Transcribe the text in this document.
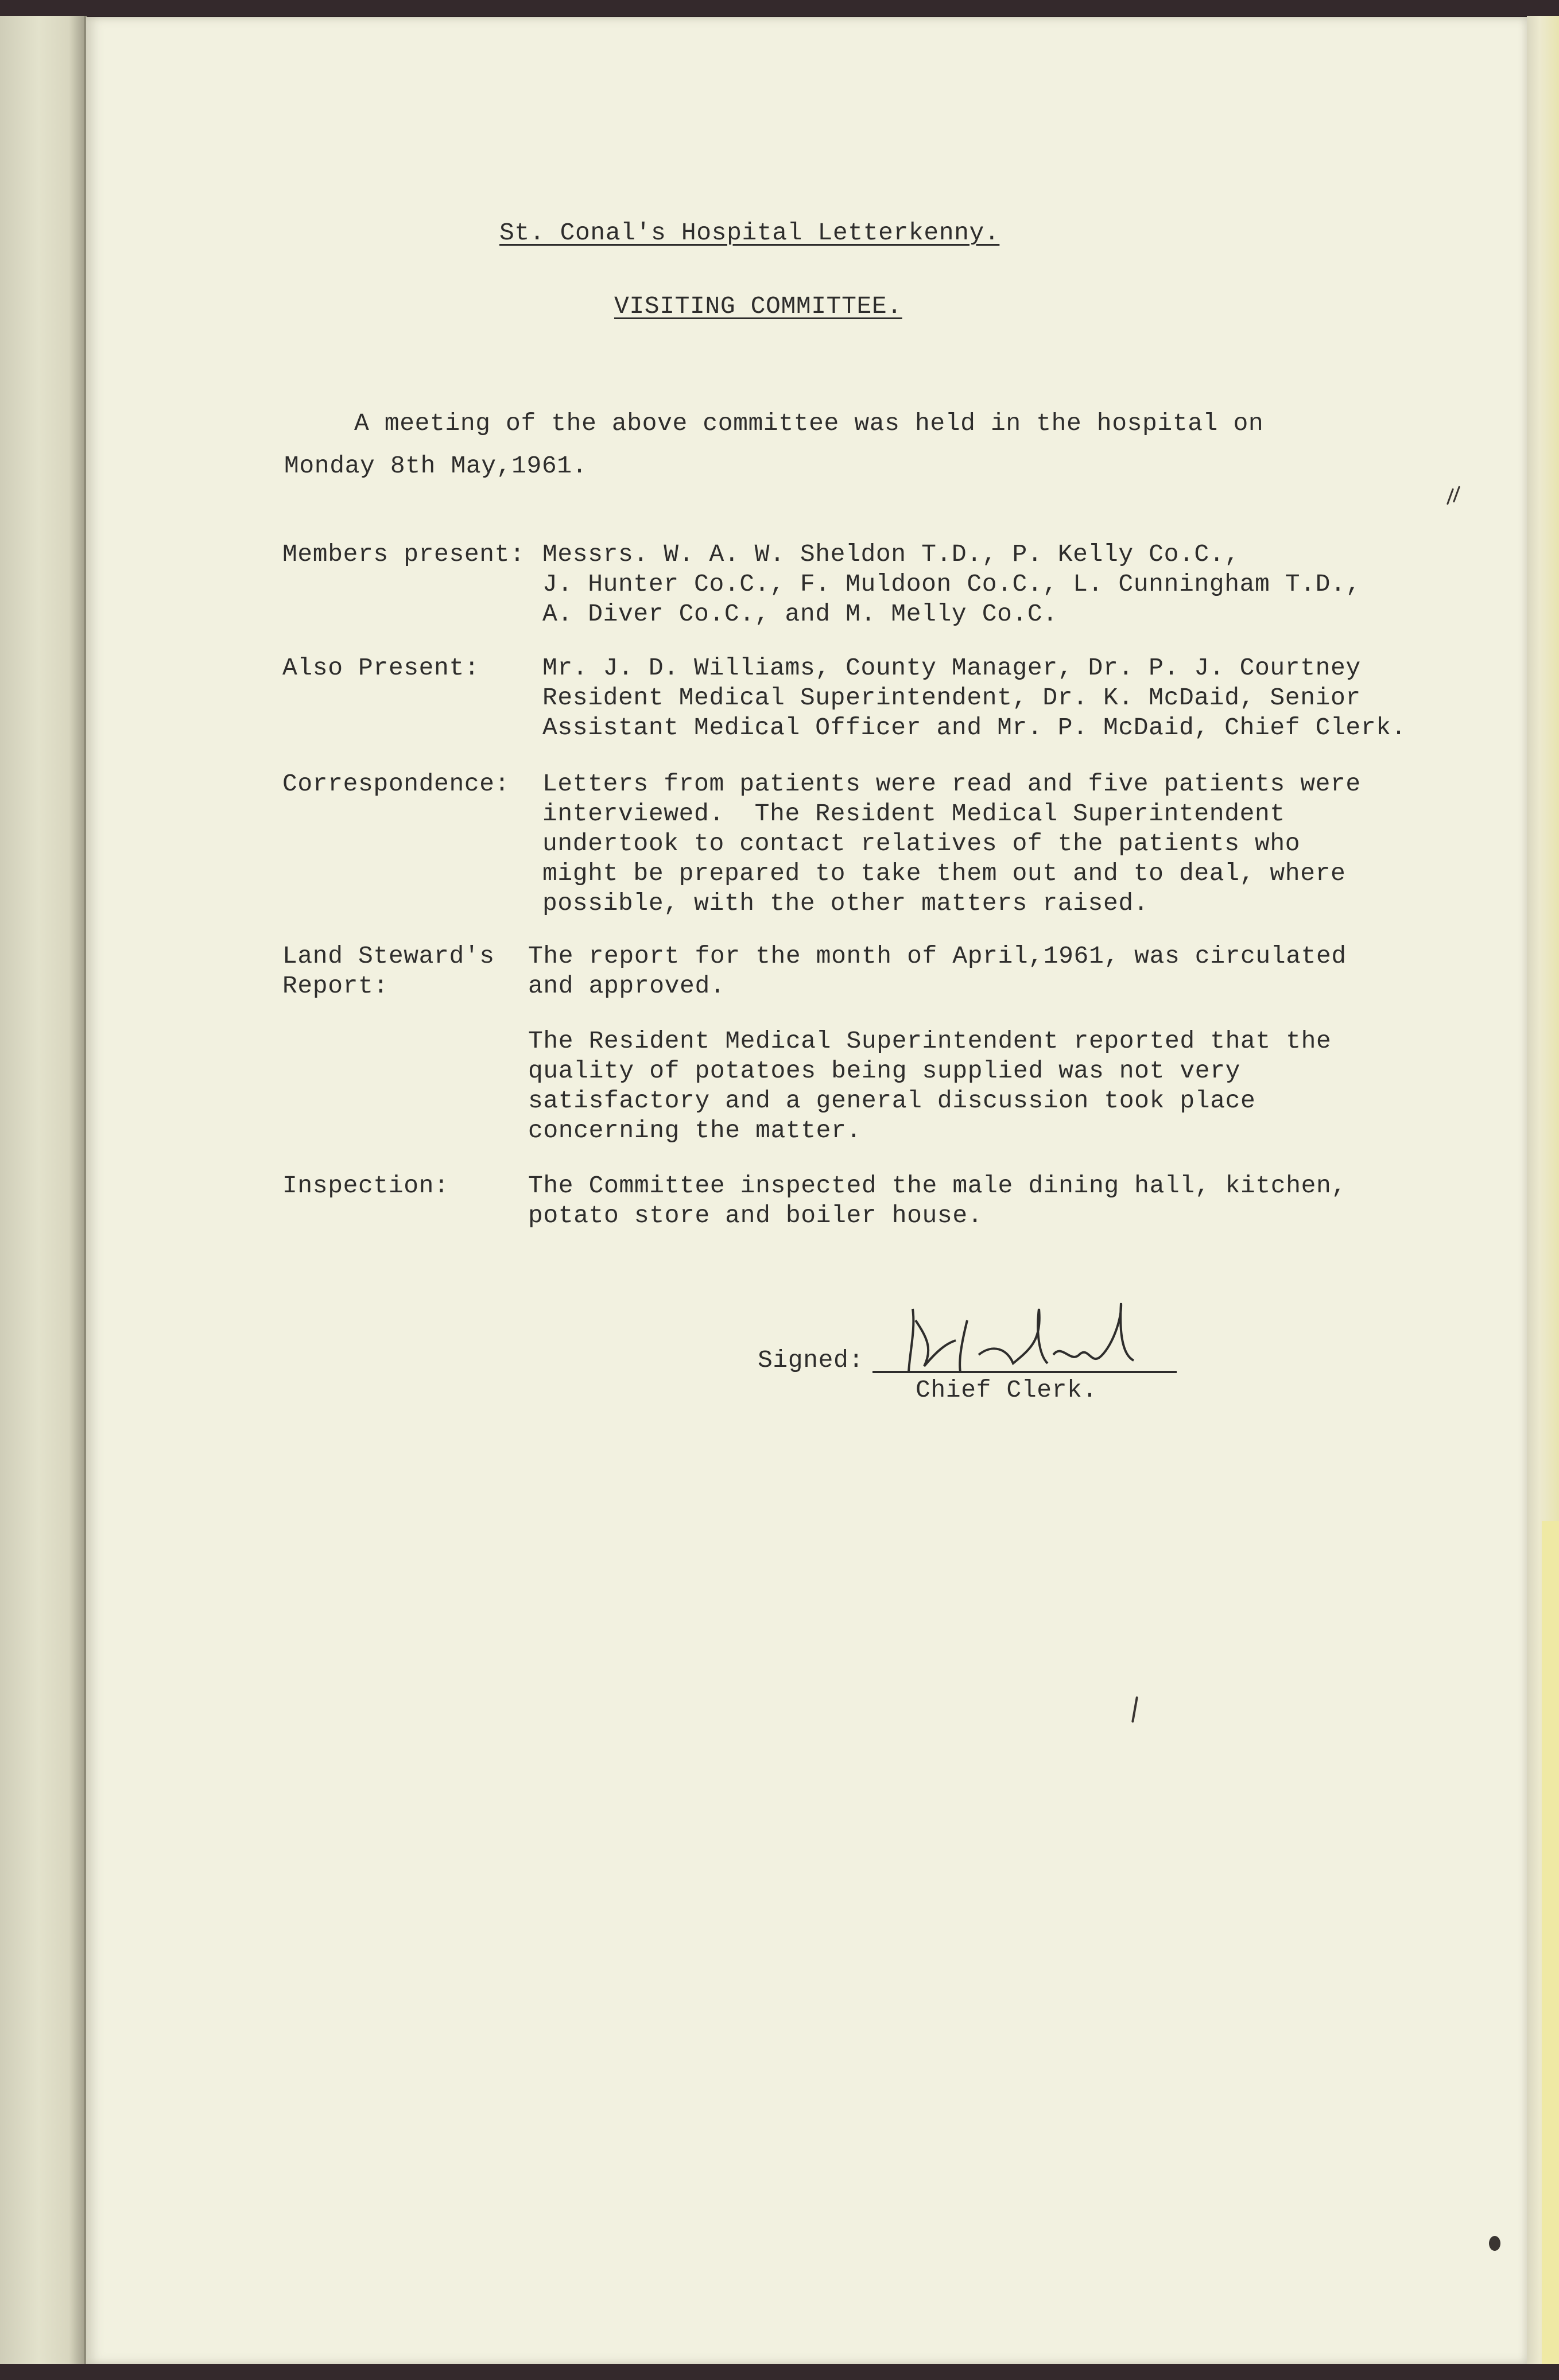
St. Conal's Hospital Letterkenny.
VISITING COMMITTEE.
A meeting of the above committee was held in the hospital on
Monday 8th May,1961.
Members present: Messrs. W. A. W. Sheldon T.D., P. Kelly Co.C.,
J. Hunter Co.C., F. Muldoon Co.C., L. Cunningham T.D.,
A. Diver Co.C., and M. Melly Co.C.
Also Present:	Mr. J. D. Williams, County Manager, Dr. P. J. Courtney
Resident Medical Superintendent, Dr. K. McDaid, Senior
Assistant Medical Officer and Mr. P. McDaid, Chief Clerk.
Correspondence: Letters from patients were read and five patients were
interviewed.  The Resident Medical Superintendent
undertook to contact relatives of the patients who
might be prepared to take them out and to deal, where
possible, with the other matters raised.
Land Steward's
Report:
The report for the month of April,1961, was circulated
and approved.
The Resident Medical Superintendent reported that the
quality of potatoes being supplied was not very
satisfactory and a general discussion took place
concerning the matter.
Inspection:	The Committee inspected the male dining hall, kitchen,
potato store and boiler house.
Signed:
Chief Clerk.
